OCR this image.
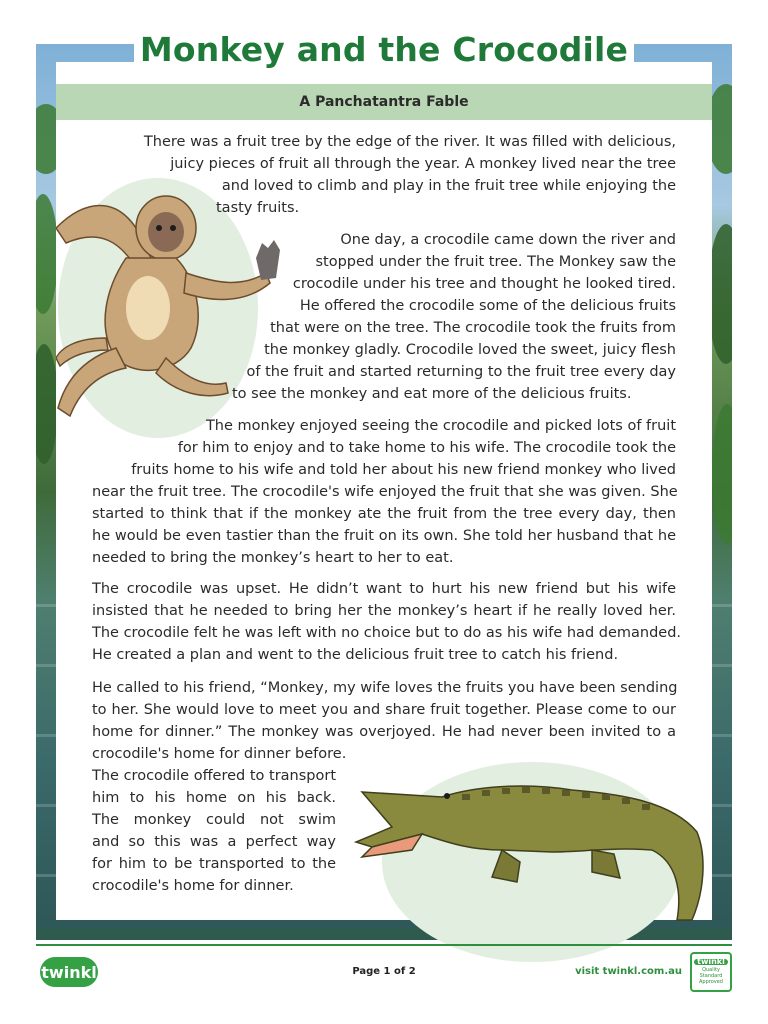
Monkey and the Crocodile
A Panchatantra Fable
There was a fruit tree by the edge of the river. It was filled with delicious,
juicy pieces of fruit all through the year. A monkey lived near the tree
and loved to climb and play in the fruit tree while enjoying the
tasty fruits.
One day, a crocodile came down the river and
stopped under the fruit tree. The Monkey saw the
crocodile under his tree and thought he looked tired.
He offered the crocodile some of the delicious fruits
that were on the tree. The crocodile took the fruits from
the monkey gladly. Crocodile loved the sweet, juicy flesh
of the fruit and started returning to the fruit tree every day
to see the monkey and eat more of the delicious fruits.
The monkey enjoyed seeing the crocodile and picked lots of fruit
for him to enjoy and to take home to his wife. The crocodile took the
fruits home to his wife and told her about his new friend monkey who lived
near the fruit tree. The crocodile's wife enjoyed the fruit that she was given. She
started to think that if the monkey ate the fruit from the tree every day, then
he would be even tastier than the fruit on its own. She told her husband that he
needed to bring the monkey’s heart to her to eat.
The crocodile was upset. He didn’t want to hurt his new friend but his wife
insisted that he needed to bring her the monkey’s heart if he really loved her.
The crocodile felt he was left with no choice but to do as his wife had demanded.
He created a plan and went to the delicious fruit tree to catch his friend.
He called to his friend, “Monkey, my wife loves the fruits you have been sending
to her. She would love to meet you and share fruit together. Please come to our
home for dinner.” The monkey was overjoyed. He had never been invited to a
crocodile's home for dinner before.
The crocodile offered to transport
him to his home on his back.
The monkey could not swim
and so this was a perfect way
for him to be transported to the
crocodile's home for dinner.
twinkl	Page 1 of 2	visit twinkl.com.au
twinkl
Quality Standard Approved
